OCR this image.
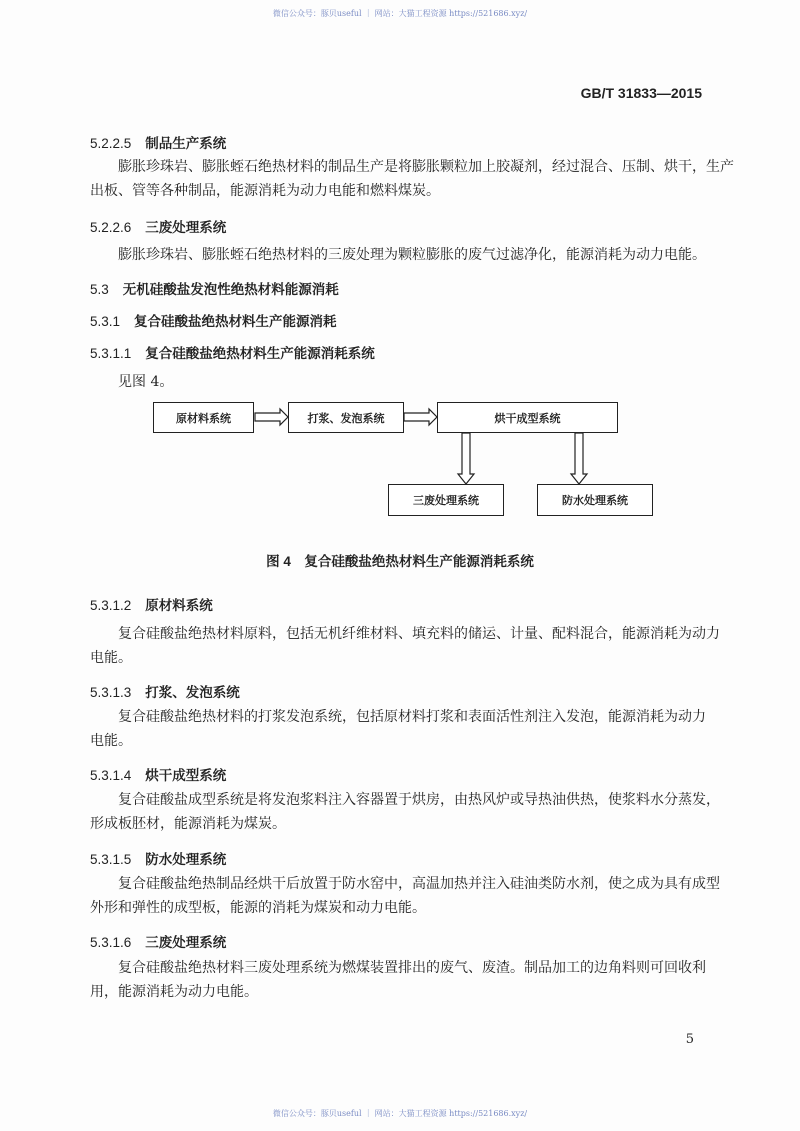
微信公众号：豚贝useful ｜ 网站：大猫工程资源 https://521686.xyz/
GB/T 31833—2015
5.2.2.5 制品生产系统
膨胀珍珠岩、膨胀蛭石绝热材料的制品生产是将膨胀颗粒加上胶凝剂，经过混合、压制、烘干，生产
出板、管等各种制品，能源消耗为动力电能和燃料煤炭。
5.2.2.6 三废处理系统
膨胀珍珠岩、膨胀蛭石绝热材料的三废处理为颗粒膨胀的废气过滤净化，能源消耗为动力电能。
5.3 无机硅酸盐发泡性绝热材料能源消耗
5.3.1 复合硅酸盐绝热材料生产能源消耗
5.3.1.1 复合硅酸盐绝热材料生产能源消耗系统
见图 4。
原材料系统	打浆、发泡系统	烘干成型系统
三废处理系统	防水处理系统
图 4　复合硅酸盐绝热材料生产能源消耗系统
5.3.1.2 原材料系统
复合硅酸盐绝热材料原料，包括无机纤维材料、填充料的储运、计量、配料混合，能源消耗为动力
电能。
5.3.1.3 打浆、发泡系统
复合硅酸盐绝热材料的打浆发泡系统，包括原材料打浆和表面活性剂注入发泡，能源消耗为动力
电能。
5.3.1.4 烘干成型系统
复合硅酸盐成型系统是将发泡浆料注入容器置于烘房，由热风炉或导热油供热，使浆料水分蒸发，
形成板胚材，能源消耗为煤炭。
5.3.1.5 防水处理系统
复合硅酸盐绝热制品经烘干后放置于防水窑中，高温加热并注入硅油类防水剂，使之成为具有成型
外形和弹性的成型板，能源的消耗为煤炭和动力电能。
5.3.1.6 三废处理系统
复合硅酸盐绝热材料三废处理系统为燃煤装置排出的废气、废渣。制品加工的边角料则可回收利
用，能源消耗为动力电能。
5
微信公众号：豚贝useful ｜ 网站：大猫工程资源 https://521686.xyz/
